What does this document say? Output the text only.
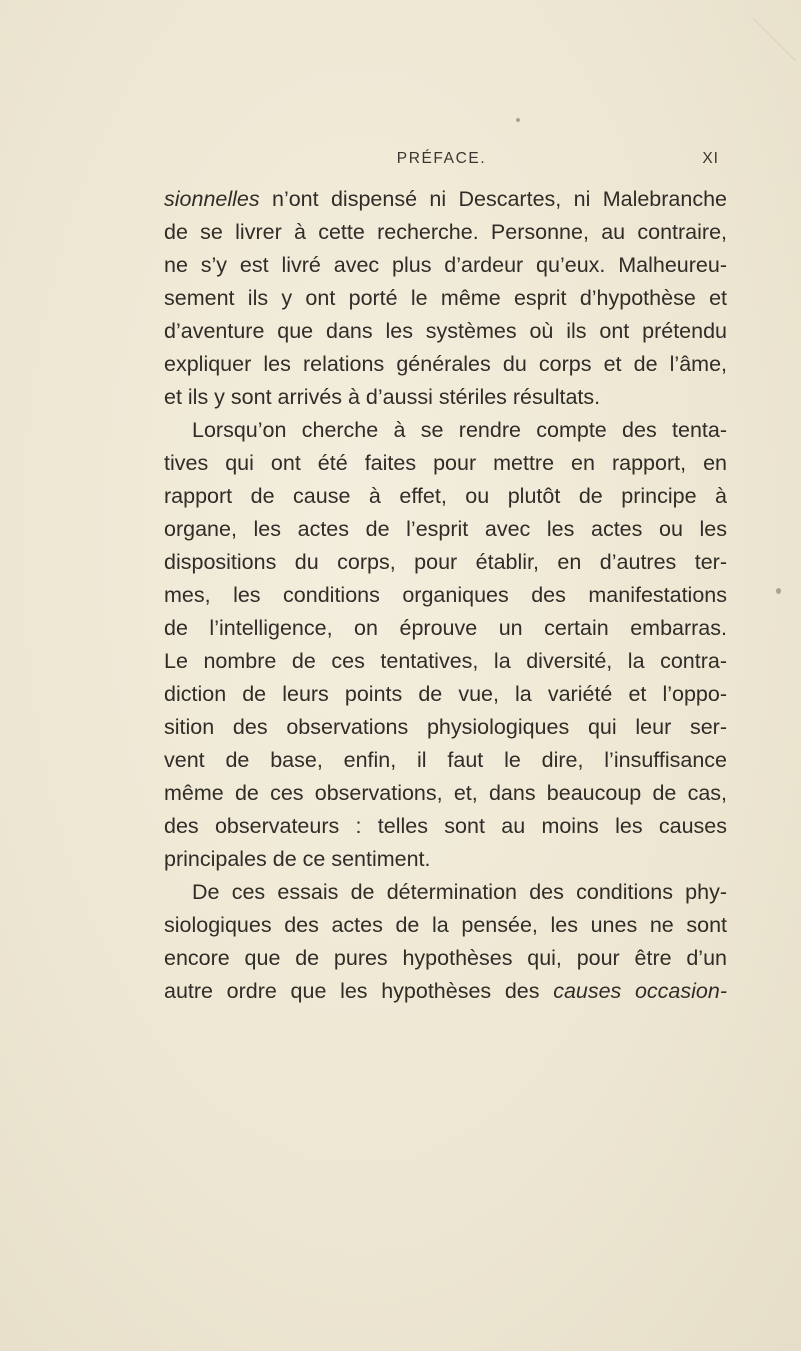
PRÉFACE.	XI
sionnelles n’ont dispensé ni Descartes, ni Malebranche
de se livrer à cette recherche. Personne, au contraire,
ne s’y est livré avec plus d’ardeur qu’eux. Malheureu-
sement ils y ont porté le même esprit d’hypothèse et
d’aventure que dans les systèmes où ils ont prétendu
expliquer les relations générales du corps et de l’âme,
et ils y sont arrivés à d’aussi stériles résultats.
Lorsqu’on cherche à se rendre compte des tenta-
tives qui ont été faites pour mettre en rapport, en
rapport de cause à effet, ou plutôt de principe à
organe, les actes de l’esprit avec les actes ou les
dispositions du corps, pour établir, en d’autres ter-
mes, les conditions organiques des manifestations
de l’intelligence, on éprouve un certain embarras.
Le nombre de ces tentatives, la diversité, la contra-
diction de leurs points de vue, la variété et l’oppo-
sition des observations physiologiques qui leur ser-
vent de base, enfin, il faut le dire, l’insuffisance
même de ces observations, et, dans beaucoup de cas,
des observateurs : telles sont au moins les causes
principales de ce sentiment.
De ces essais de détermination des conditions phy-
siologiques des actes de la pensée, les unes ne sont
encore que de pures hypothèses qui, pour être d’un
autre ordre que les hypothèses des causes occasion-
